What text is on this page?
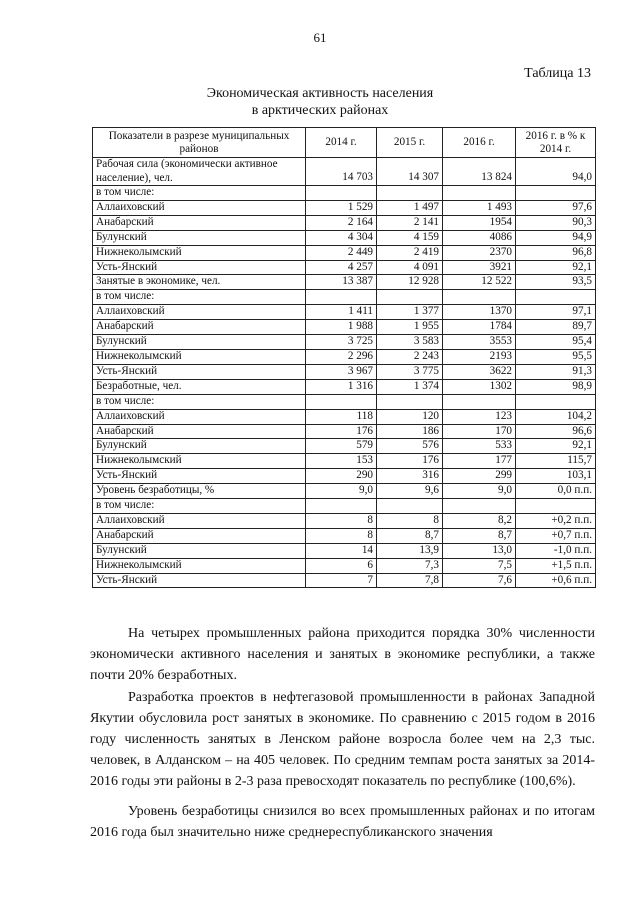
61
Таблица 13
Экономическая активность населения
в арктических районах
Показатели в разрезе муниципальных районов	2014 г.	2015 г.	2016 г.	2016 г. в % к 2014 г.
Рабочая сила (экономически активное население), чел.	14 703	14 307	13 824	94,0
в том числе:				
Аллаиховский	1 529	1 497	1 493	97,6
Анабарский	2 164	2 141	1954	90,3
Булунский	4 304	4 159	4086	94,9
Нижнеколымский	2 449	2 419	2370	96,8
Усть-Янский	4 257	4 091	3921	92,1
Занятые в экономике, чел.	13 387	12 928	12 522	93,5
в том числе:				
Аллаиховский	1 411	1 377	1370	97,1
Анабарский	1 988	1 955	1784	89,7
Булунский	3 725	3 583	3553	95,4
Нижнеколымский	2 296	2 243	2193	95,5
Усть-Янский	3 967	3 775	3622	91,3
Безработные, чел.	1 316	1 374	1302	98,9
в том числе:				
Аллаиховский	118	120	123	104,2
Анабарский	176	186	170	96,6
Булунский	579	576	533	92,1
Нижнеколымский	153	176	177	115,7
Усть-Янский	290	316	299	103,1
Уровень безработицы, %	9,0	9,6	9,0	0,0 п.п.
в том числе:				
Аллаиховский	8	8	8,2	+0,2 п.п.
Анабарский	8	8,7	8,7	+0,7 п.п.
Булунский	14	13,9	13,0	-1,0 п.п.
Нижнеколымский	6	7,3	7,5	+1,5 п.п.
Усть-Янский	7	7,8	7,6	+0,6 п.п.

На четырех промышленных района приходится порядка 30% численности экономически активного населения и занятых в экономике республики, а также почти 20% безработных.

Разработка проектов в нефтегазовой промышленности в районах Западной Якутии обусловила рост занятых в экономике. По сравнению с 2015 годом в 2016 году численность занятых в Ленском районе возросла более чем на 2,3 тыс. человек, в Алданском – на 405 человек. По средним темпам роста занятых за 2014-2016 годы эти районы в 2-3 раза превосходят показатель по республике (100,6%).

Уровень безработицы снизился во всех промышленных районах и по итогам 2016 года был значительно ниже среднереспубликанского значения
